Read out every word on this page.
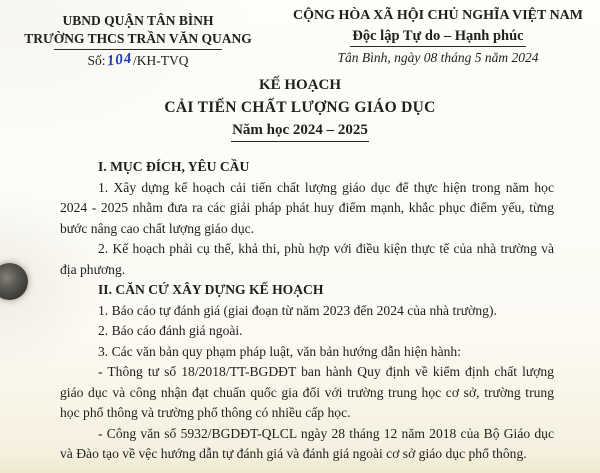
UBND QUẬN TÂN BÌNH
TRƯỜNG THCS TRẦN VĂN QUANG
Số:104/KH-TVQ
CỘNG HÒA XÃ HỘI CHỦ NGHĨA VIỆT NAM
Độc lập Tự do – Hạnh phúc
Tân Bình, ngày 08 tháng 5 năm 2024
KẾ HOẠCH
CẢI TIẾN CHẤT LƯỢNG GIÁO DỤC
Năm học 2024 – 2025

I. MỤC ĐÍCH, YÊU CẦU

1. Xây dựng kế hoạch cải tiến chất lượng giáo dục để thực hiện trong năm học 2024 - 2025 nhằm đưa ra các giải pháp phát huy điểm mạnh, khắc phục điểm yếu, từng bước nâng cao chất lượng giáo dục.

2. Kế hoạch phải cụ thể, khả thi, phù hợp với điều kiện thực tế của nhà trường và địa phương.

II. CĂN CỨ XÂY DỰNG KẾ HOẠCH

1. Báo cáo tự đánh giá (giai đoạn từ năm 2023 đến 2024 của nhà trường).

2. Báo cáo đánh giá ngoài.

3. Các văn bản quy phạm pháp luật, văn bản hướng dẫn hiện hành:

- Thông tư số 18/2018/TT-BGDĐT ban hành Quy định về kiểm định chất lượng giáo dục và công nhận đạt chuẩn quốc gia đối với trường trung học cơ sở, trường trung học phổ thông và trường phổ thông có nhiều cấp học.

- Công văn số 5932/BGDĐT-QLCL ngày 28 tháng 12 năm 2018 của Bộ Giáo dục và Đào tạo về vệc hướng dẫn tự đánh giá và đánh giá ngoài cơ sở giáo dục phổ thông.
